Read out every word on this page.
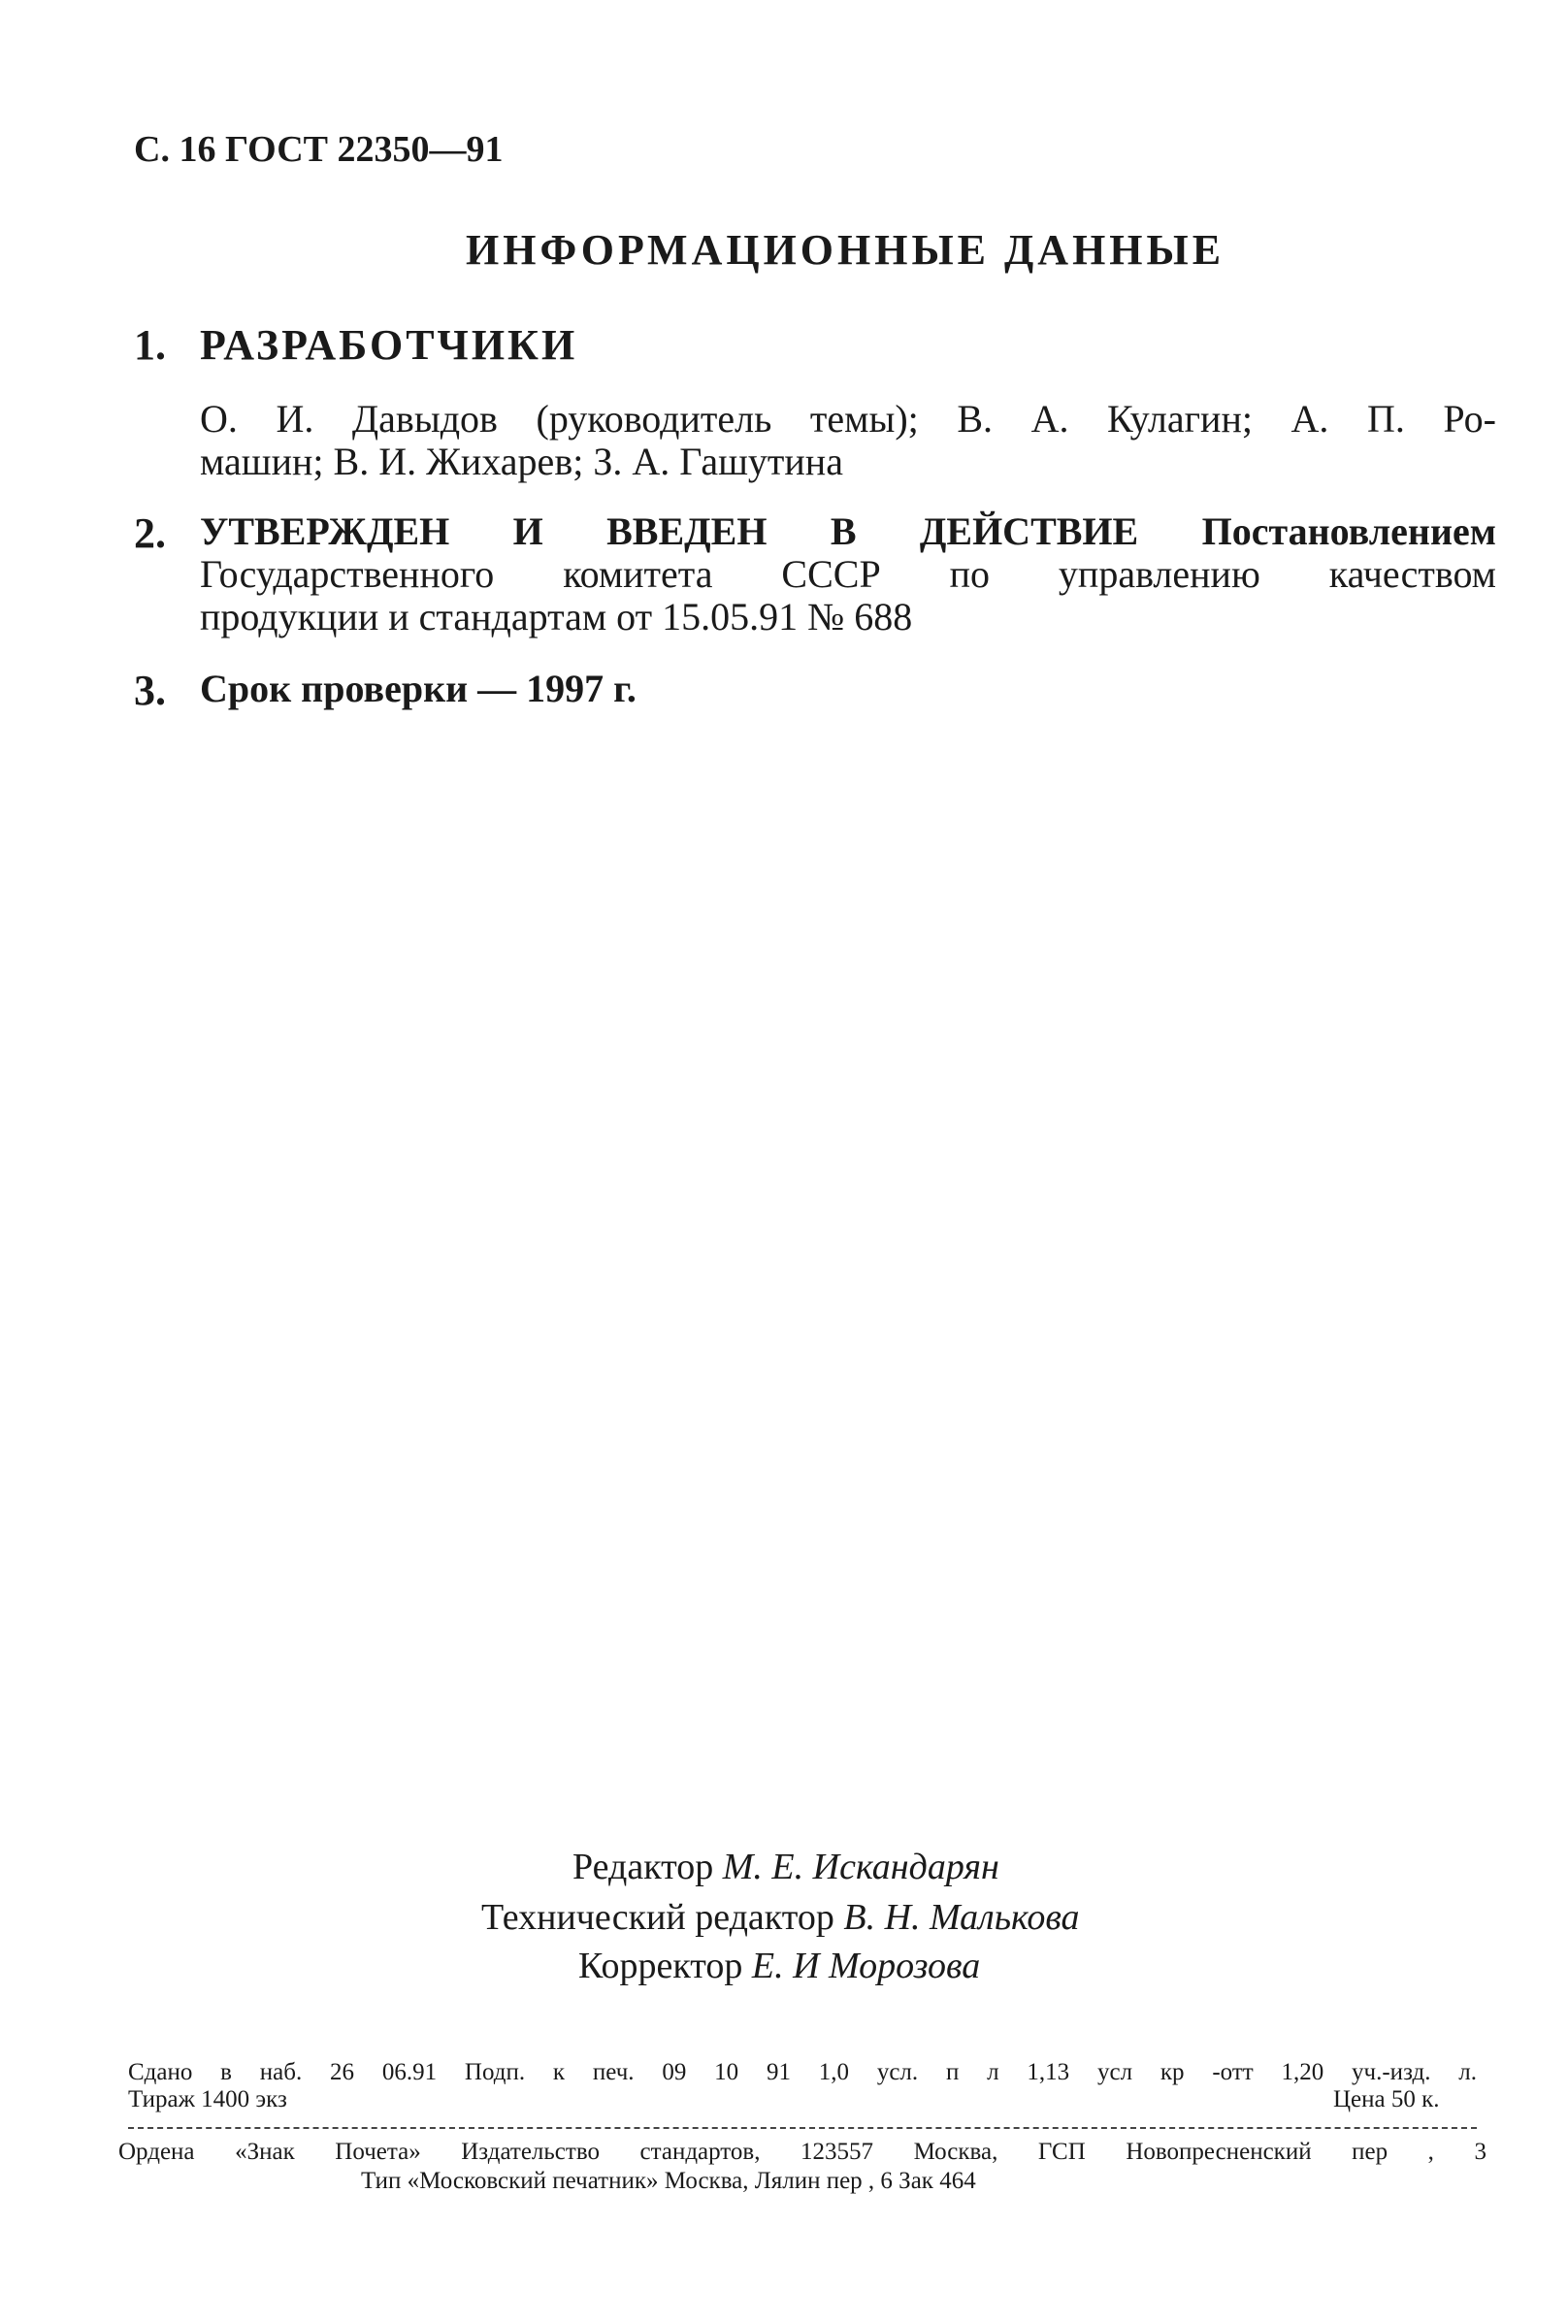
С. 16 ГОСТ 22350—91
ИНФОРМАЦИОННЫЕ ДАННЫЕ
1. РАЗРАБОТЧИКИ
О. И. Давыдов (руководитель темы); В. А. Кулагин; А. П. Ро-
машин; В. И. Жихарев; З. А. Гашутина
2. УТВЕРЖДЕН И ВВЕДЕН В ДЕЙСТВИЕ Постановлением
Государственного комитета СССР по управлению качеством
продукции и стандартам от 15.05.91 № 688
3. Срок проверки — 1997 г.
Редактор М. Е. Искандарян
Технический редактор В. Н. Малькова
Корректор Е. И Морозова
Сдано в наб. 26 06.91 Подп. к печ. 09 10 91 1,0 усл. п л 1,13 усл кр -отт 1,20 уч.-изд. л.
Тираж 1400 экз	Цена 50 к.
Ордена «Знак Почета» Издательство стандартов, 123557 Москва, ГСП Новопресненский пер , 3
Тип «Московский печатник» Москва, Лялин пер , 6 Зак 464
